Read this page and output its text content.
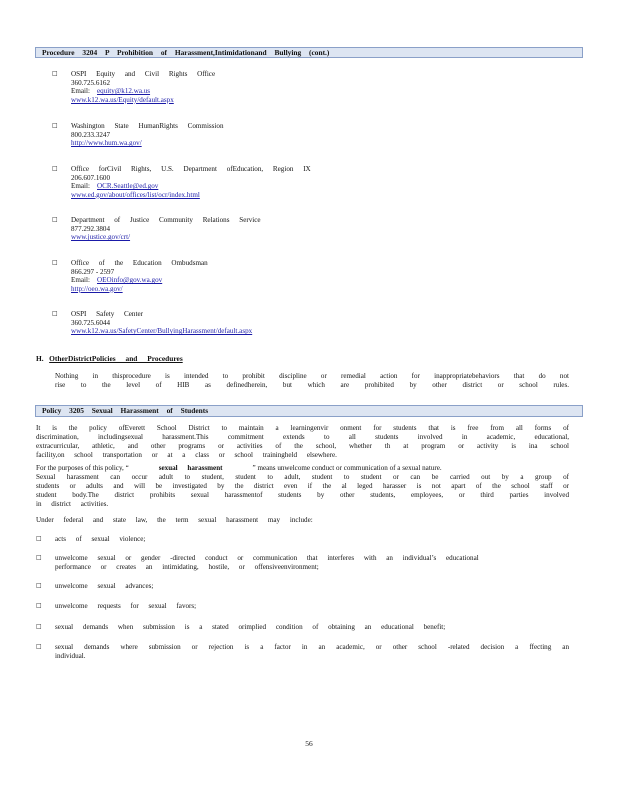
Procedure 3204 P Prohibition of Harassment,Intimidationand Bullying (cont.)
□ OSPI Equity and Civil Rights Office
360.725.6162
Email: equity@k12.wa.us
www.k12.wa.us/Equity/default.aspx
□ Washington State HumanRights Commission
800.233.3247
http://www.hum.wa.gov/
□ Office forCivil Rights, U.S. Department ofEducation, Region IX
206.607.1600
Email: OCR.Seattle@ed.gov
www.ed.gov/about/offices/list/ocr/index.html
□ Department of Justice Community Relations Service
877.292.3804
www.justice.gov/crt/
□ Office of the Education Ombudsman
866.297 - 2597
Email: OEOinfo@gov.wa.gov
http://oeo.wa.gov/
□ OSPI Safety Center
360.725.6044
www.k12.wa.us/SafetyCenter/BullyingHarassment/default.aspx
H. OtherDistrictPolicies and Procedures
Nothing in thisprocedure is intended to prohibit discipline or remedial action for inappropriatebehaviors that do not
rise to the level of HIB as definedherein, but which are prohibited by other district or school rules.
Policy 3205 Sexual Harassment of Students
It is the policy ofEverett School District to maintain a learningenvir onment for students that is free from all forms of
discrimination, includingsexual harassment.This commitment extends to all students involved in academic, educational,
extracurricular, athletic, and other programs or activities of the school, whether th at program or activity is ina school
facility,on school transportation or at a class or school trainingheld elsewhere.
For the purposes of this policy, “	sexual harassment	” means unwelcome conduct or communication of a sexual nature.
Sexual harassment can occur adult to student, student to adult, student to student or can be carried out by a group of
students or adults and will be investigated by the district even if the al leged harasser is not apart of the school staff or
student body.The district prohibits sexual harassmentof students by other students, employees, or third parties involved
in district activities.
Under federal and state law, the term sexual harassment may include:
□ acts of sexual violence;
□ unwelcome sexual or gender -directed conduct or communication that interferes with an individual’s educational
performance or creates an intimidating, hostile, or offensiveenvironment;
□ unwelcome sexual advances;
□ unwelcome requests for sexual favors;
□ sexual demands when submission is a stated orimplied condition of obtaining an educational benefit;
□ sexual demands where submission or rejection is a factor in an academic, or other school -related decision a ffecting an
individual.
56
